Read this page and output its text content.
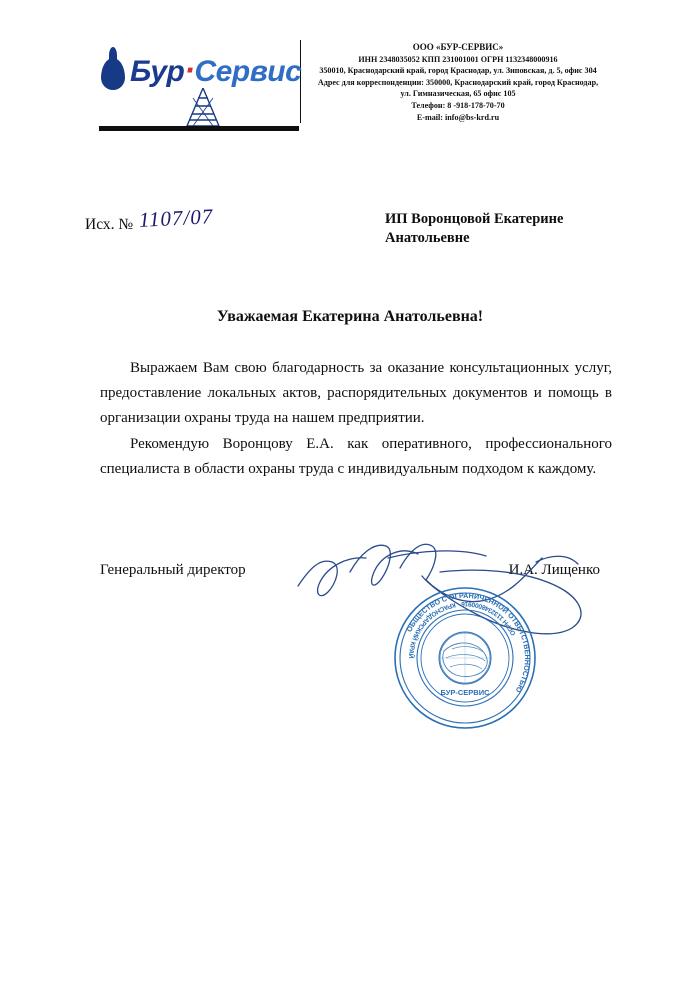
Бур·Сервис
ООО «БУР-СЕРВИС»
ИНН 2348035052 КПП 231001001 ОГРН 1132348000916
350010, Краснодарский край, город Краснодар, ул. Зиповская, д. 5, офис 304
Адрес для корреспонденции: 350000, Краснодарский край, город Краснодар,
ул. Гимназическая, 65 офис 105
Телефон: 8 -918-178-70-70
E-mail: info@bs-krd.ru
Исх. № 1107/07	ИП Воронцовой Екатерине Анатольевне
Уважаемая Екатерина Анатольевна!

Выражаем Вам свою благодарность за оказание консультационных услуг, предоставление локальных актов, распорядительных документов и помощь в организации охраны труда на нашем предприятии.

Рекомендую Воронцову Е.А. как оперативного, профессионального специалиста в области охраны труда с индивидуальным подходом к каждому.

Генеральный директор	И.А. Лищенко
ОБЩЕСТВО С ОГРАНИЧЕННОЙ ОТВЕТСТВЕННОСТЬЮ
ОГРН 1132348000916 · КРАСНОДАРСКИЙ КРАЙ
БУР-СЕРВИС
